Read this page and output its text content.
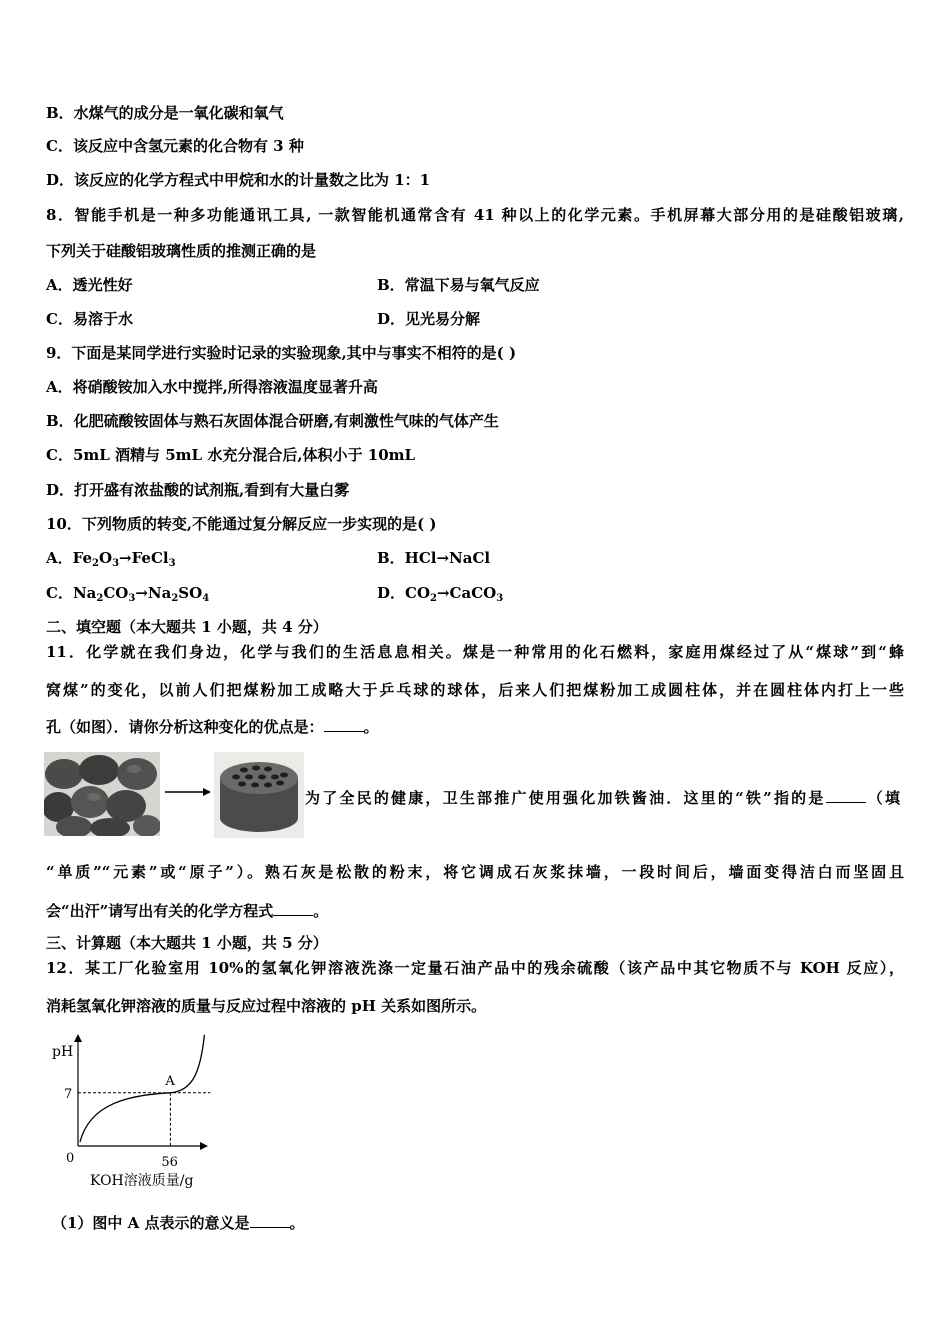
B．水煤气的成分是一氧化碳和氧气
C．该反应中含氢元素的化合物有 3 种
D．该反应的化学方程式中甲烷和水的计量数之比为 1：1
8．智能手机是一种多功能通讯工具, 一款智能机通常含有 41 种以上的化学元素。手机屏幕大部分用的是硅酸铝玻璃,
下列关于硅酸铝玻璃性质的推测正确的是
A．透光性好	B．常温下易与氧气反应
C．易溶于水	D．见光易分解
9．下面是某同学进行实验时记录的实验现象,其中与事实不相符的是( )
A．将硝酸铵加入水中搅拌,所得溶液温度显著升高
B．化肥硫酸铵固体与熟石灰固体混合研磨,有刺激性气味的气体产生
C．5mL 酒精与 5mL 水充分混合后,体积小于 10mL
D．打开盛有浓盐酸的试剂瓶,看到有大量白雾
10．下列物质的转变,不能通过复分解反应一步实现的是( )
A．$Fe_2O_3\to FeCl_3$	B．HCl→NaCl
C．$Na_2CO_3\to Na_2SO_4$	D．$CO_2\to CaCO_3$
二、填空题（本大题共 1 小题，共 4 分）
11．化学就在我们身边，化学与我们的生活息息相关。煤是一种常用的化石燃料，家庭用煤经过了从“煤球”到“蜂
窝煤”的变化，以前人们把煤粉加工成略大于乒乓球的球体，后来人们把煤粉加工成圆柱体，并在圆柱体内打上一些
孔（如图）．请你分析这种变化的优点是：	。
为了全民的健康，卫生部推广使用强化加铁酱油．这里的“铁”指的是	（填
“单质”“元素”或“原子”）。熟石灰是松散的粉末，将它调成石灰浆抹墙，一段时间后，墙面变得洁白而坚固且
会“出汗”请写出有关的化学方程式	。
三、计算题（本大题共 1 小题，共 5 分）
12．某工厂化验室用 10%的氢氧化钾溶液洗涤一定量石油产品中的残余硫酸（该产品中其它物质不与 KOH 反应），
消耗氢氧化钾溶液的质量与反应过程中溶液的 pH 关系如图所示。
pH
7
0	56
A
KOH溶液质量/g
（1）图中 A 点表示的意义是	。
